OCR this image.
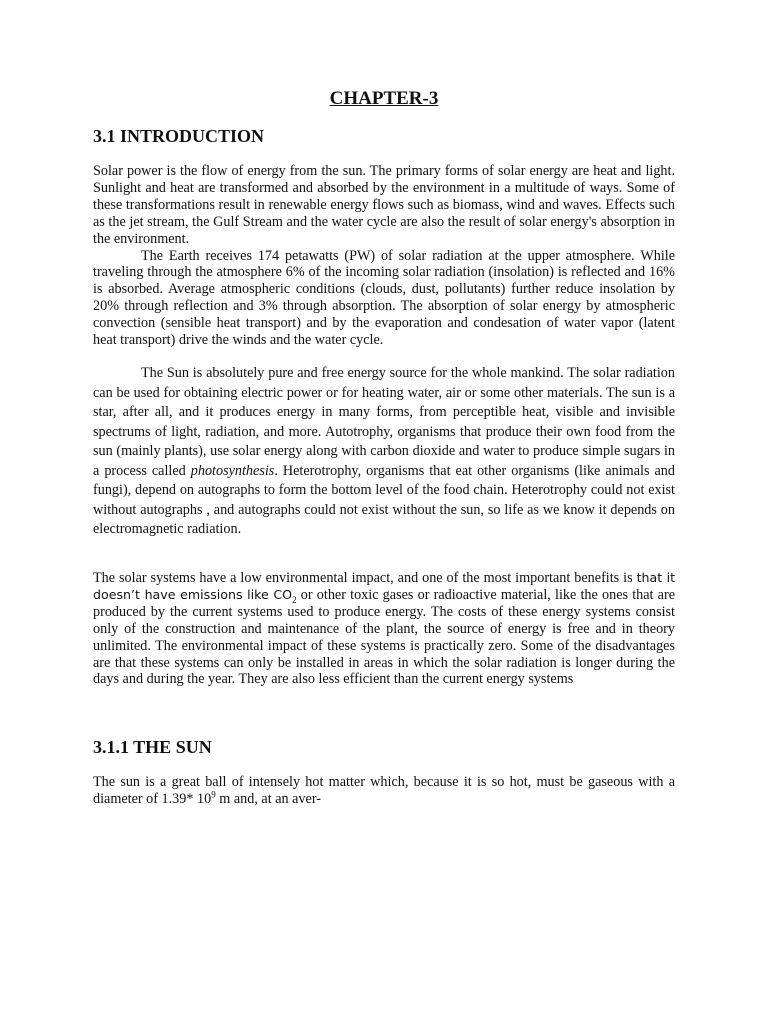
CHAPTER-3
3.1 INTRODUCTION

Solar power is the flow of energy from the sun. The primary forms of solar energy are heat and light. Sunlight and heat are transformed and absorbed by the environment in a multitude of ways. Some of these transformations result in renewable energy flows such as biomass, wind and waves. Effects such as the jet stream, the Gulf Stream and the water cycle are also the result of solar energy's absorption in the environment.

The Earth receives 174 petawatts (PW) of solar radiation at the upper atmosphere. While traveling through the atmosphere 6% of the incoming solar radiation (insolation) is reflected and 16% is absorbed. Average atmospheric conditions (clouds, dust, pollutants) further reduce insolation by 20% through reflection and 3% through absorption. The absorption of solar energy by atmospheric convection (sensible heat transport) and by the evaporation and condesation of water vapor (latent heat transport) drive the winds and the water cycle.

The Sun is absolutely pure and free energy source for the whole mankind. The solar radiation can be used for obtaining electric power or for heating water, air or some other materials. The sun is a star, after all, and it produces energy in many forms, from perceptible heat, visible and invisible spectrums of light, radiation, and more. Autotrophy, organisms that produce their own food from the sun (mainly plants), use solar energy along with carbon dioxide and water to produce simple sugars in a process called photosynthesis. Heterotrophy, organisms that eat other organisms (like animals and fungi), depend on autographs to form the bottom level of the food chain. Heterotrophy could not exist without autographs , and autographs could not exist without the sun, so life as we know it depends on electromagnetic radiation.

The solar systems have a low environmental impact, and one of the most important benefits is that it doesn’t have emissions like $CO_2$ or other toxic gases or radioactive material, like the ones that are produced by the current systems used to produce energy. The costs of these energy systems consist only of the construction and maintenance of the plant, the source of energy is free and in theory unlimited. The environmental impact of these systems is practically zero. Some of the disadvantages are that these systems can only be installed in areas in which the solar radiation is longer during the days and during the year. They are also less efficient than the current energy systems

3.1.1 THE SUN

The sun is a great ball of intensely hot matter which, because it is so hot, must be gaseous with a diameter of 1.39* $10^9$ m and, at an aver-
